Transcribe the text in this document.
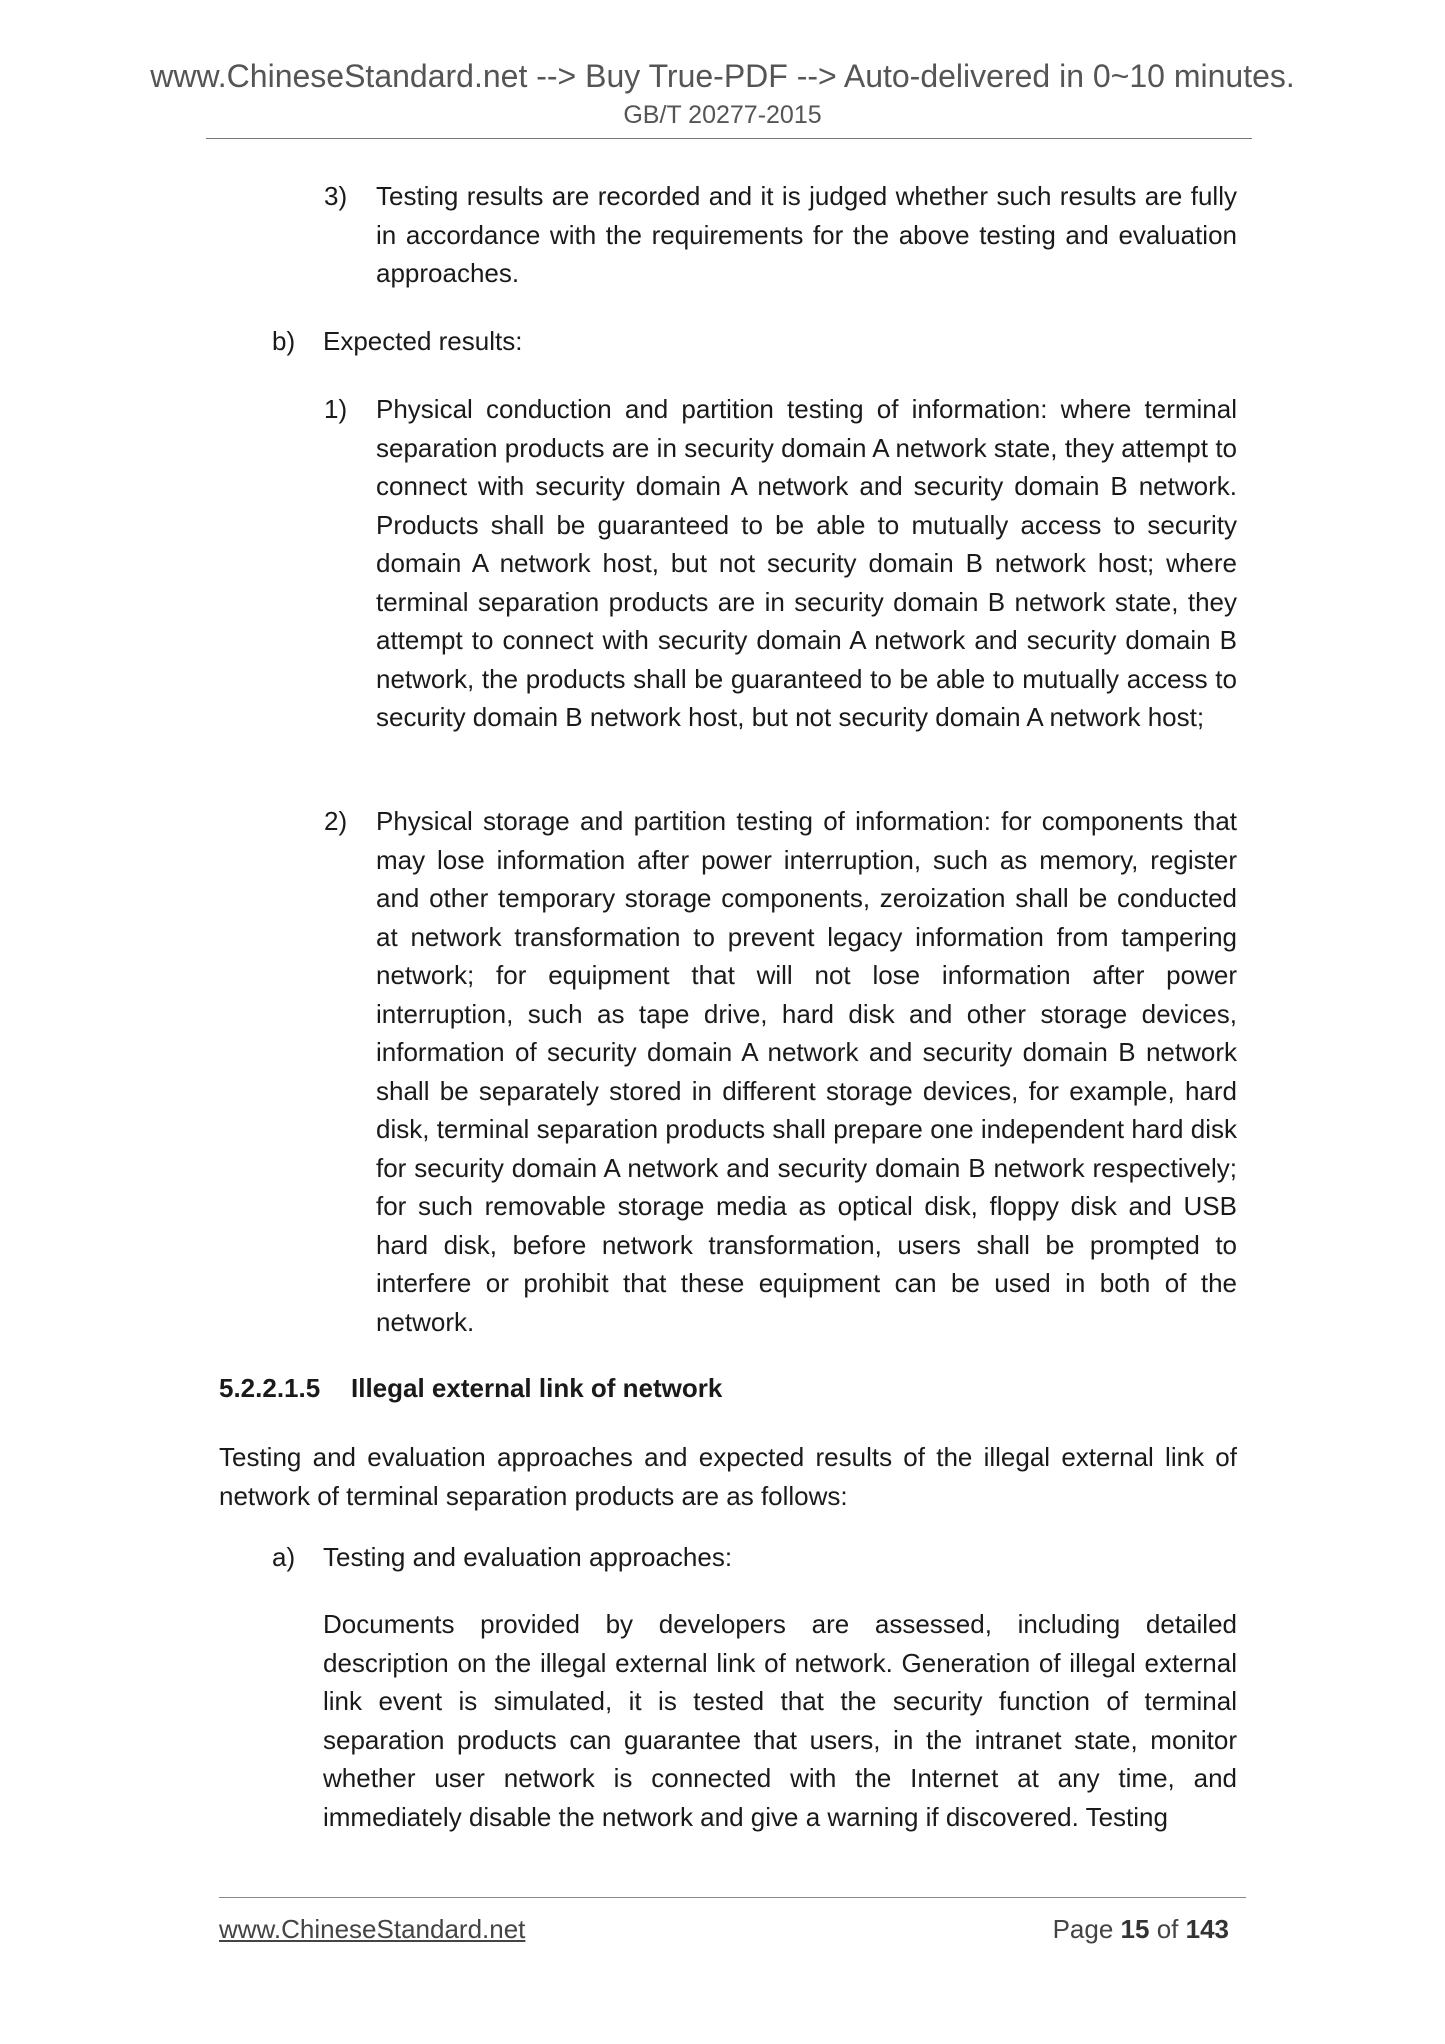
www.ChineseStandard.net --> Buy True-PDF --> Auto-delivered in 0~10 minutes.
GB/T 20277-2015
3) Testing results are recorded and it is judged whether such results are fully in accordance with the requirements for the above testing and evaluation approaches.
b) Expected results:
1) Physical conduction and partition testing of information: where terminal separation products are in security domain A network state, they attempt to connect with security domain A network and security domain B network. Products shall be guaranteed to be able to mutually access to security domain A network host, but not security domain B network host; where terminal separation products are in security domain B network state, they attempt to connect with security domain A network and security domain B network, the products shall be guaranteed to be able to mutually access to security domain B network host, but not security domain A network host;
2) Physical storage and partition testing of information: for components that may lose information after power interruption, such as memory, register and other temporary storage components, zeroization shall be conducted at network transformation to prevent legacy information from tampering network; for equipment that will not lose information after power interruption, such as tape drive, hard disk and other storage devices, information of security domain A network and security domain B network shall be separately stored in different storage devices, for example, hard disk, terminal separation products shall prepare one independent hard disk for security domain A network and security domain B network respectively; for such removable storage media as optical disk, floppy disk and USB hard disk, before network transformation, users shall be prompted to interfere or prohibit that these equipment can be used in both of the network.
5.2.2.1.5 Illegal external link of network
Testing and evaluation approaches and expected results of the illegal external link of network of terminal separation products are as follows:
a) Testing and evaluation approaches:
Documents provided by developers are assessed, including detailed description on the illegal external link of network. Generation of illegal external link event is simulated, it is tested that the security function of terminal separation products can guarantee that users, in the intranet state, monitor whether user network is connected with the Internet at any time, and immediately disable the network and give a warning if discovered. Testing
www.ChineseStandard.net	Page 15 of 143
